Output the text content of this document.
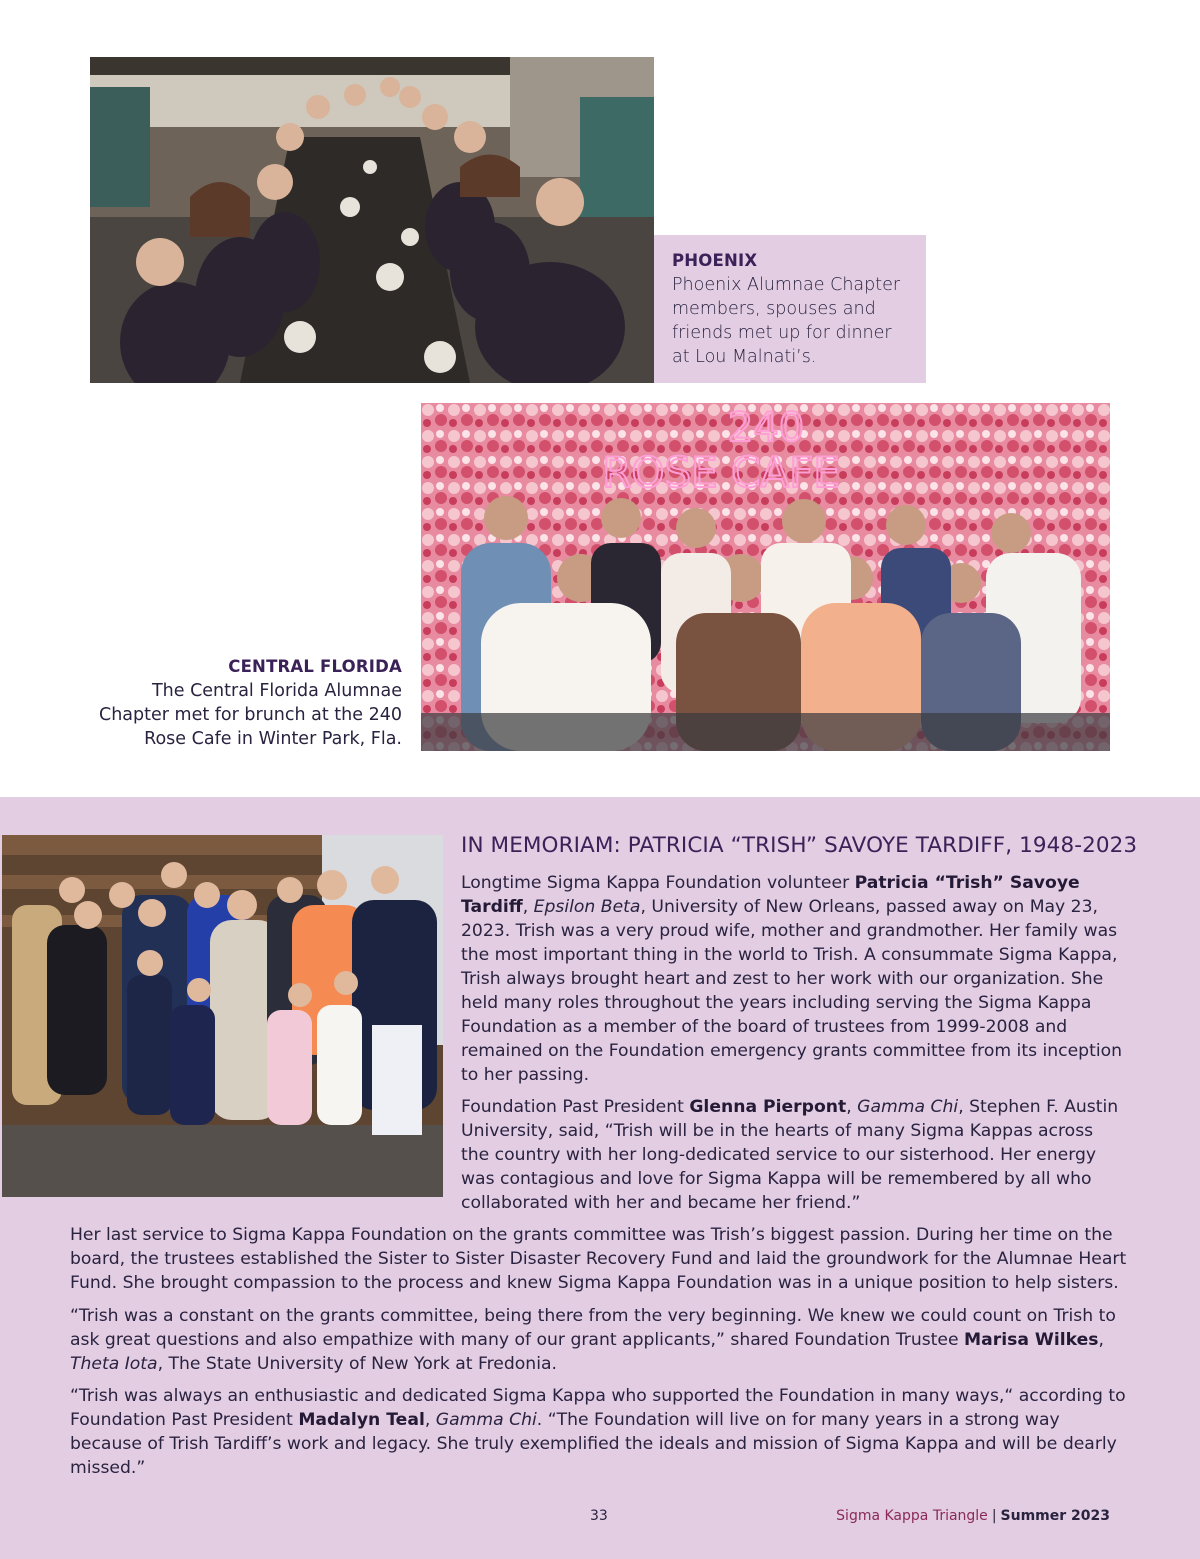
PHOENIX
Phoenix Alumnae Chapter
members, spouses and
friends met up for dinner
at Lou Malnati’s.
240
ROSE CAFE
CENTRAL FLORIDA
The Central Florida Alumnae
Chapter met for brunch at the 240
Rose Cafe in Winter Park, Fla.
IN MEMORIAM: PATRICIA “TRISH” SAVOYE TARDIFF, 1948-2023

Longtime Sigma Kappa Foundation volunteer Patricia “Trish” Savoye Tardiff, Epsilon Beta, University of New Orleans, passed away on May 23, 2023. Trish was a very proud wife, mother and grandmother. Her family was the most important thing in the world to Trish. A consummate Sigma Kappa, Trish always brought heart and zest to her work with our organization. She held many roles throughout the years including serving the Sigma Kappa Foundation as a member of the board of trustees from 1999-2008 and remained on the Foundation emergency grants committee from its inception to her passing.

Foundation Past President Glenna Pierpont, Gamma Chi, Stephen F. Austin University, said, “Trish will be in the hearts of many Sigma Kappas across the country with her long-dedicated service to our sisterhood. Her energy was contagious and love for Sigma Kappa will be remembered by all who collaborated with her and became her friend.”

Her last service to Sigma Kappa Foundation on the grants committee was Trish’s biggest passion. During her time on the board, the trustees established the Sister to Sister Disaster Recovery Fund and laid the groundwork for the Alumnae Heart Fund. She brought compassion to the process and knew Sigma Kappa Foundation was in a unique position to help sisters.

“Trish was a constant on the grants committee, being there from the very beginning. We knew we could count on Trish to ask great questions and also empathize with many of our grant applicants,” shared Foundation Trustee Marisa Wilkes, Theta Iota, The State University of New York at Fredonia.

“Trish was always an enthusiastic and dedicated Sigma Kappa who supported the Foundation in many ways,“ according to Foundation Past President Madalyn Teal, Gamma Chi. “The Foundation will live on for many years in a strong way because of Trish Tardiff’s work and legacy. She truly exemplified the ideals and mission of Sigma Kappa and will be dearly missed.”

33	Sigma Kappa Triangle | Summer 2023
